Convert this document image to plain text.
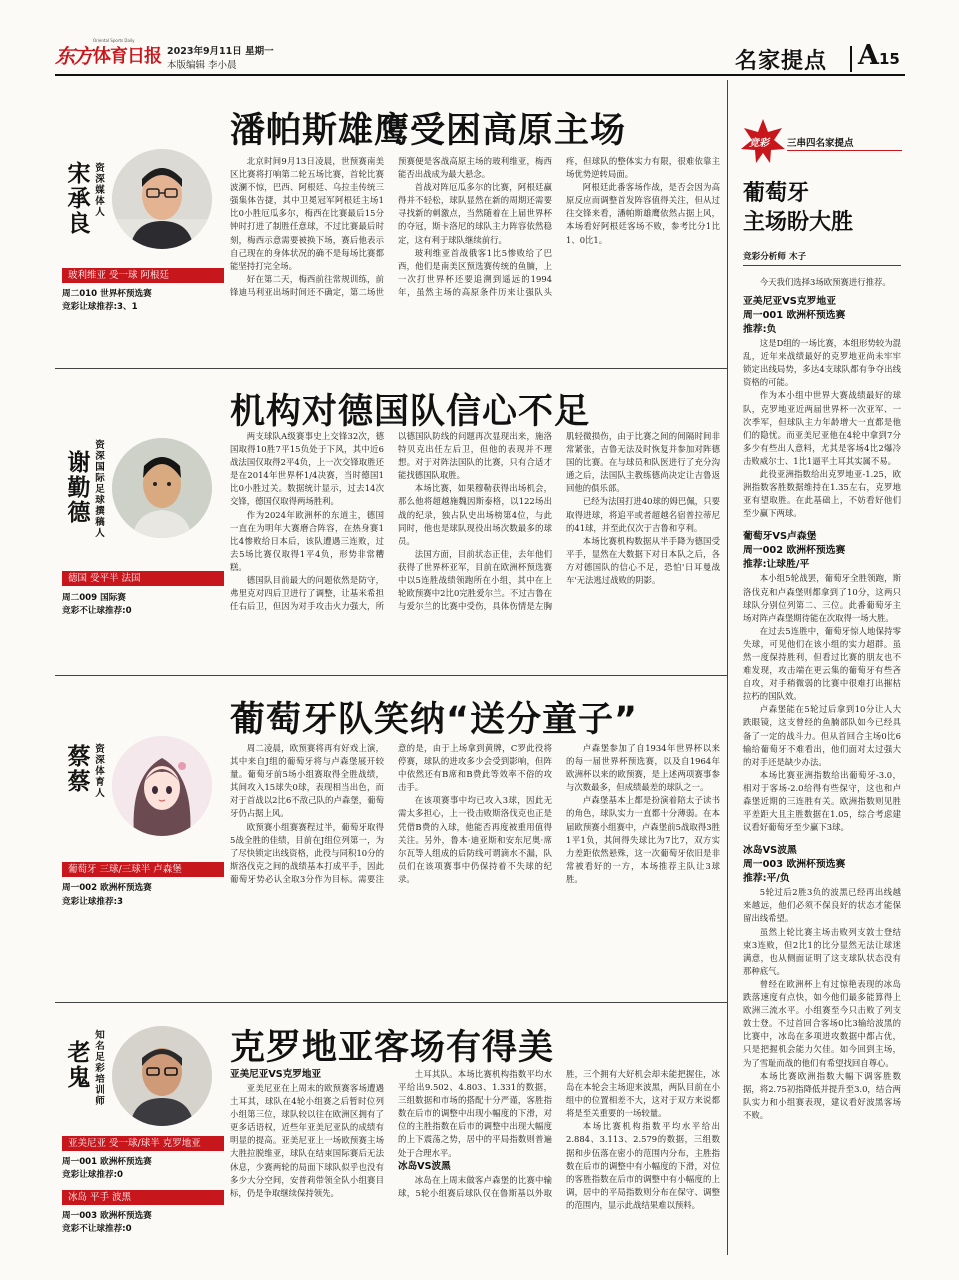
东方 体育日报
Oriental Sports Daily
2023年9月11日 星期一
本版编辑 李小晨	名家提点 A 15
潘帕斯雄鹰受困高原主场
宋承良
资深媒体人
玻利维亚 受一球 阿根廷
周二010 世界杯预选赛
竞彩让球推荐:3、1

北京时间9月13日凌晨，世预赛南美区比赛将打响第二轮五场比赛，首轮比赛波澜不惊，巴西、阿根廷、乌拉圭传统三强集体告捷，其中卫冕冠军阿根廷主场1比0小胜厄瓜多尔，梅西在比赛最后15分钟时打进了制胜任意球，不过比赛最后时刻，梅西示意需要被换下场，赛后他表示自己现在的身体状况的确不是每场比赛都能坚持打完全场。

好在第二天，梅西前往常规训练，前锋迪马利亚出场时间还不确定，第二场世预赛便是客战高原主场的玻利维亚，梅西能否出战成为最大悬念。

首战对阵厄瓜多尔的比赛，阿根廷赢得并不轻松，球队显然在新的周期还需要寻找新的刺激点，当然随着在上届世界杯的夺冠，斯卡洛尼的球队主力阵容依然稳定，这有利于球队继续前行。

玻利维亚首战俄客1比5惨败给了巴西，他们是南美区预选赛传统的鱼腩，上一次打世界杯还要追溯到遥远的1994年，虽然主场的高原条件历来让强队头疼，但球队的整体实力有限，很难依靠主场优势逆转局面。

阿根廷此番客场作战，是否会因为高原反应而调整首发阵容值得关注，但从过往交锋来看，潘帕斯雄鹰依然占据上风，本场看好阿根廷客场不败，参考比分1比1、0比1。

机构对德国队信心不足
谢勤德
资深国际足球撰稿人
德国 受平半 法国
周二009 国际赛
竞彩不让球推荐:0

两支球队A级赛事史上交锋32次，德国取得10胜7平15负处于下风，其中近6战法国仅取得2平4负，上一次交锋取胜还是在2014年世界杯1/4决赛，当时德国1比0小胜过关。数据统计显示，过去14次交锋，德国仅取得两场胜利。

作为2024年欧洲杯的东道主，德国一直在为明年大赛磨合阵容，在热身赛1比4惨败给日本后，该队遭遇三连败，过去5场比赛仅取得1平4负，形势非常糟糕。

德国队目前最大的问题依然是防守，弗里克对四后卫进行了调整，让基米希担任右后卫，但因为对手攻击火力强大，所以德国队防线的问题再次显现出来，施洛特贝克出任左后卫，但他的表现并不理想。对于对阵法国队的比赛，只有合适才能找德国队取胜。

本场比赛，如果穆勒获得出场机会，那么他将超越施魏因斯泰格，以122场出战的纪录，独占队史出场榜第4位，与此同时，他也是球队现役出场次数最多的球员。

法国方面，目前状态正佳，去年他们获得了世界杯亚军，目前在欧洲杯预选赛中以5连胜战绩领跑所在小组，其中在上轮欧预赛中2比0完胜爱尔兰。不过吉鲁在与爱尔兰的比赛中受伤，具体伤情是左胸肌轻微损伤，由于比赛之间的间隔时间非常紧张，吉鲁无法及时恢复并参加对阵德国的比赛。在与球员和队医进行了充分沟通之后，法国队主教练德尚决定让吉鲁返回他的俱乐部。

已经为法国打进40球的姆巴佩，只要取得进球，将追平或者超越名宿普拉蒂尼的41球，并至此仅次于吉鲁和亨利。

本场比赛机构数据从半手降为德国受平手，显然在大数据下对日本队之后，各方对德国队的信心不足，恐怕'日耳曼战车'无法逃过战败的阴影。

葡萄牙队笑纳“送分童子”
蔡蔡
资深体育人
葡萄牙 三球/三球半 卢森堡
周一002 欧洲杯预选赛
竞彩让球推荐:3

周二凌晨，欧预赛将再有好戏上演，其中来自J组的葡萄牙将与卢森堡展开较量。葡萄牙前5场小组赛取得全胜战绩，其间攻入15球失0球，表现相当出色，而对于首战以2比6不敌己队的卢森堡，葡萄牙仍占据上风。

欧预赛小组赛赛程过半，葡萄牙取得5战全胜的佳绩，目前在J组位列第一，为了尽快锁定出线资格，此役与同积10分的斯洛伐克之间的战绩基本打成平手，因此葡萄牙势必认全取3分作为目标。需要注意的是，由于上场拿到黄牌，C罗此役将停赛，球队的进攻多少会受到影响，但阵中依然还有B席和B费此等效率不俗的攻击手。

在该项赛事中均已攻入3球，因此无需太多担心，上一役击败斯洛伐克也正是凭借B费的入球，他能否再度被重用值得关注。另外，鲁本·迪亚斯和安东尼奥·席尔瓦等人组成的后防线可谓滴水不漏，队员们在该项赛事中仍保持着不失球的纪录。

卢森堡参加了自1934年世界杯以来的每一届世界杯预选赛，以及自1964年欧洲杯以来的欧预赛，是上述两项赛事参与次数最多，但成绩最差的球队之一。

卢森堡基本上都是扮演着陪太子读书的角色，球队实力一直都十分薄弱。在本届欧预赛小组赛中，卢森堡前5战取得3胜1平1负，其间得失球比为7比7，双方实力差距依然悬殊，这一次葡萄牙依旧是非常被看好的一方，本场推荐主队让3球胜。

克罗地亚客场有得美
老鬼
知名足彩培训师
亚美尼亚 受一球/球半 克罗地亚
周一001 欧洲杯预选赛
竞彩让球推荐:0
冰岛 平手 波黑
周一003 欧洲杯预选赛
竞彩不让球推荐:0
亚美尼亚VS克罗地亚

亚美尼亚在上周末的欧预赛客场遭遇土耳其，球队在4轮小组赛之后暂时位列小组第三位，球队较以往在欧洲区拥有了更多话语权，近些年亚美尼亚队的成绩有明显的提高。亚美尼亚上一场欧预赛主场大胜拉脱维亚，球队在结束国际赛后无法休息，少赛两轮的局面下球队似乎也没有多少大分空间，安普莉带领全队小组赛目标，仍是争取继续保持领先。

土耳其队。本场比赛机构指数平均水平给出9.502、4.803、1.331的数据，三组数据和市场的搭配十分严谨，客胜指数在后市的调整中出现小幅度的下滑，对位的主胜指数在后市的调整中出现大幅度的上下震荡之势，居中的平局指数则普遍处于合理水平。

冰岛VS波黑

冰岛在上周末做客卢森堡的比赛中输球，5轮小组赛后球队仅在鲁斯基以外取胜，三个拥有大好机会却未能把握住，冰岛在本轮会主场迎来波黑，两队目前在小组中的位置相差不大，这对于双方来说都将是至关重要的一场较量。

本场比赛机构指数平均水平给出2.884、3.113、2.579的数据，三组数据和步伍落在密小的范围内分布，主胜指数在后市的调整中有小幅度的下滑，对位的客胜指数在后市的调整中有小幅度的上调，居中的平局指数则分布在保守、调整的范围内，显示此战结果难以预料。

竞彩 三串四名家提点
葡萄牙
主场盼大胜
竞彩分析师 木子

今天我们选择3场欧预赛进行推荐。

亚美尼亚VS克罗地亚
周一001 欧洲杯预选赛
推荐:负

这是D组的一场比赛，本组形势较为混乱，近年来战绩最好的克罗地亚尚未牢牢锁定出线局势，多达4支球队都有争夺出线资格的可能。

作为本小组中世界大赛战绩最好的球队，克罗地亚近两届世界杯一次亚军、一次季军，但球队主力年龄增大一直都是他们的隐忧。而亚美尼亚他在4轮中拿到7分多少有些出人意料，尤其是客场4比2爆冷击败威尔士、1比1逼平土耳其实属不易。

此役亚洲指数给出克罗地亚-1.25，欧洲指数客胜数据维持在1.35左右，克罗地亚有望取胜。在此基础上，不妨看好他们至少赢下两球。

葡萄牙VS卢森堡
周一002 欧洲杯预选赛
推荐:让球胜/平

本小组5轮战罢，葡萄牙全胜领跑，斯洛伐克和卢森堡则都拿到了10分，这两只球队分别位列第二、三位。此番葡萄牙主场对阵卢森堡期待能在次取得一场大胜。

在过去5连胜中，葡萄牙惊人地保持零失球，可见他们在该小组的实力超群。虽然一度保持胜利，但看过比赛的朋友也不难发现，攻击端在更云集的葡萄牙有些吝自攻，对手稍微弱的比赛中很难打出摧枯拉朽的国队效。

卢森堡能在5轮过后拿到10分让人大跌眼镜，这支曾经的鱼腩部队如今已经具备了一定的战斗力。但从首回合主场0比6输给葡萄牙不难看出，他们面对太过强大的对手还是缺少办法。

本场比赛亚洲指数给出葡萄牙-3.0，相对于客场-2.0给得有些保守，这也和卢森堡近期的三连胜有关。欧洲指数则见胜平差距大且主胜数据在1.05，综合考虑建议看好葡萄牙至少赢下3球。

冰岛VS波黑
周一003 欧洲杯预选赛
推荐:平/负

5轮过后2胜3负的波黑已经再出线越来越远，他们必须不保良好的状态才能保留出线希望。

虽然上轮比赛主场击败列支敦士登结束3连败，但2比1的比分显然无法让球迷满意，也从侧面证明了这支球队状态没有那种底气。

曾经在欧洲杯上有过惊艳表现的冰岛跌落速度有点快，如今他们最多能算得上欧洲三流水平。小组赛至今只击败了列支敦士登。不过首回合客场0比3输给波黑的比赛中，冰岛在多项进攻数据中都占优，只是把握机会能力欠佳。如今回到主场，为了雪耻而战的他们有希望找回自尊心。

本场比赛欧洲指数大幅下调客胜数据，将2.75初指降低并提升至3.0，结合两队实力和小组赛表现，建议看好波黑客场不败。
